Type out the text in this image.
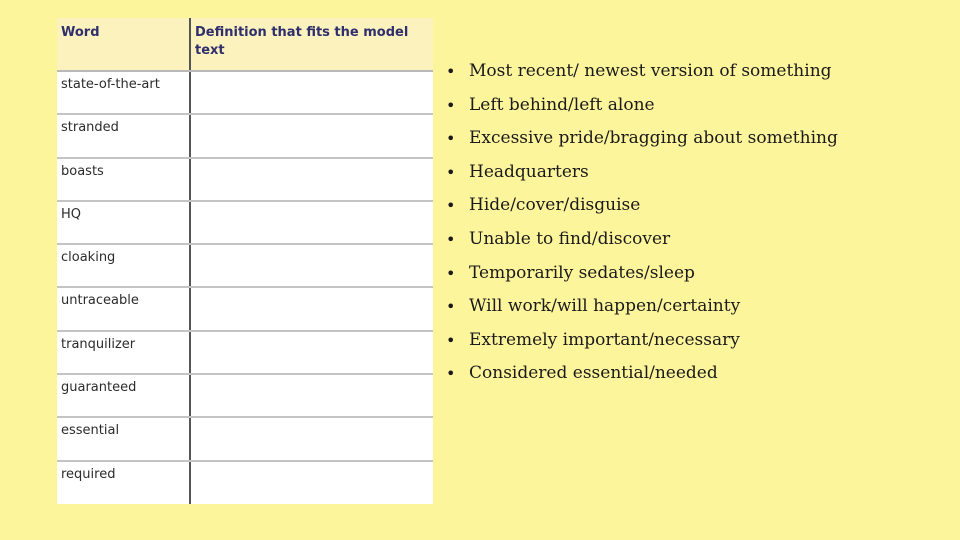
Word	Definition that fits the model text
state-of-the-art	
stranded	
boasts	
HQ	
cloaking	
untraceable	
tranquilizer	
guaranteed	
essential	
required	
• Most recent/ newest version of something
• Left behind/left alone
• Excessive pride/bragging about something
• Headquarters
• Hide/cover/disguise
• Unable to find/discover
• Temporarily sedates/sleep
• Will work/will happen/certainty
• Extremely important/necessary
• Considered essential/needed
